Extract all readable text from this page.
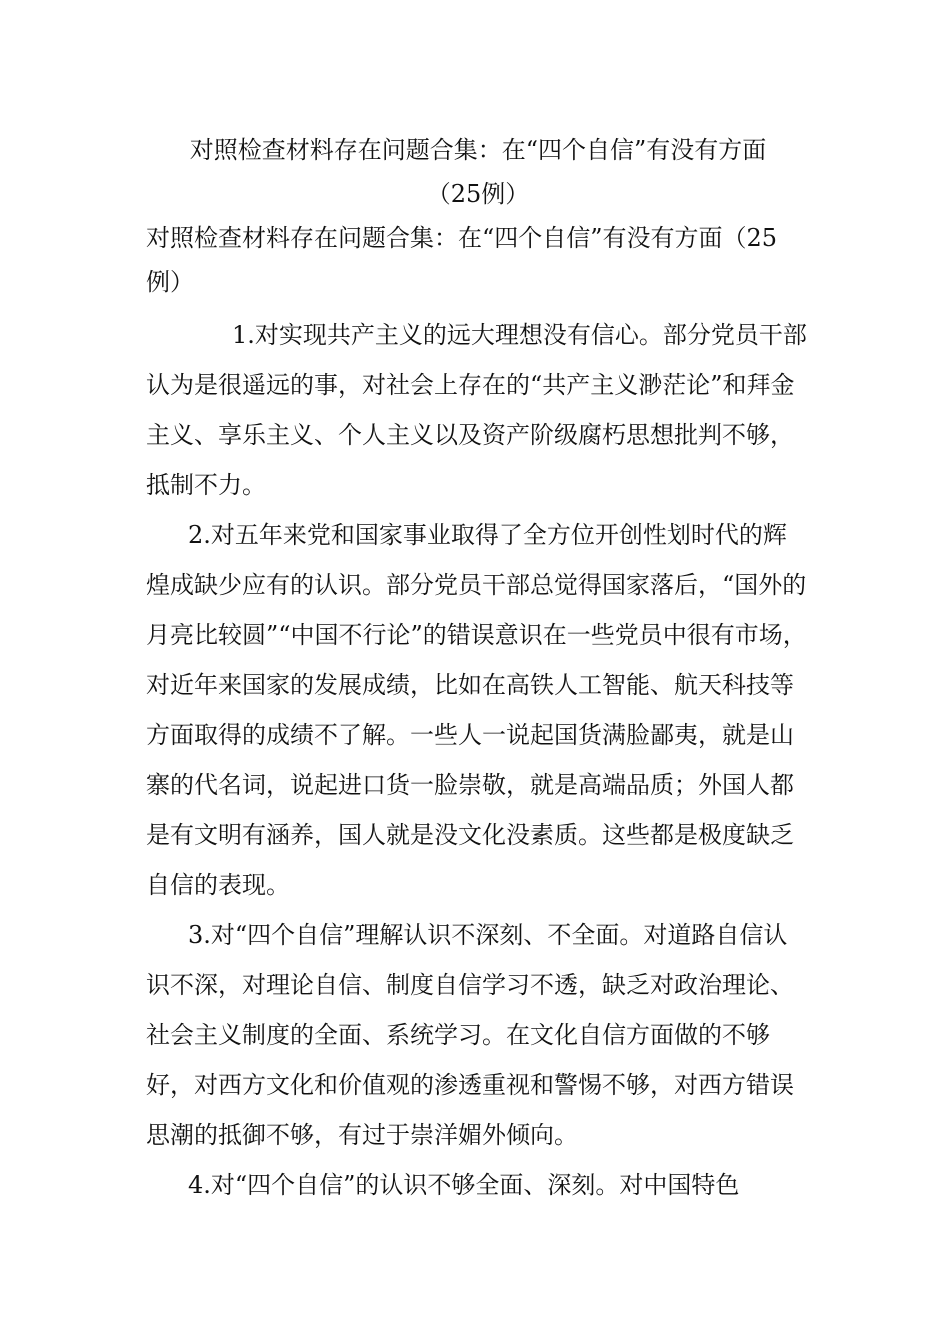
对照检查材料存在问题合集：在“四个自信”有没有方面
（25例）

对照检查材料存在问题合集：在“四个自信”有没有方面（25例）

1.对实现共产主义的远大理想没有信心。部分党员干部认为是很遥远的事，对社会上存在的“共产主义渺茫论”和拜金主义、享乐主义、个人主义以及资产阶级腐朽思想批判不够，抵制不力。

2.对五年来党和国家事业取得了全方位开创性划时代的辉煌成缺少应有的认识。部分党员干部总觉得国家落后，“国外的月亮比较圆”“中国不行论”的错误意识在一些党员中很有市场，对近年来国家的发展成绩，比如在高铁人工智能、航天科技等方面取得的成绩不了解。一些人一说起国货满脸鄙夷，就是山寨的代名词，说起进口货一脸崇敬，就是高端品质；外国人都是有文明有涵养，国人就是没文化没素质。这些都是极度缺乏自信的表现。

3.对“四个自信”理解认识不深刻、不全面。对道路自信认识不深，对理论自信、制度自信学习不透，缺乏对政治理论、社会主义制度的全面、系统学习。在文化自信方面做的不够好，对西方文化和价值观的渗透重视和警惕不够，对西方错误思潮的抵御不够，有过于崇洋媚外倾向。

4.对“四个自信”的认识不够全面、深刻。对中国特色
